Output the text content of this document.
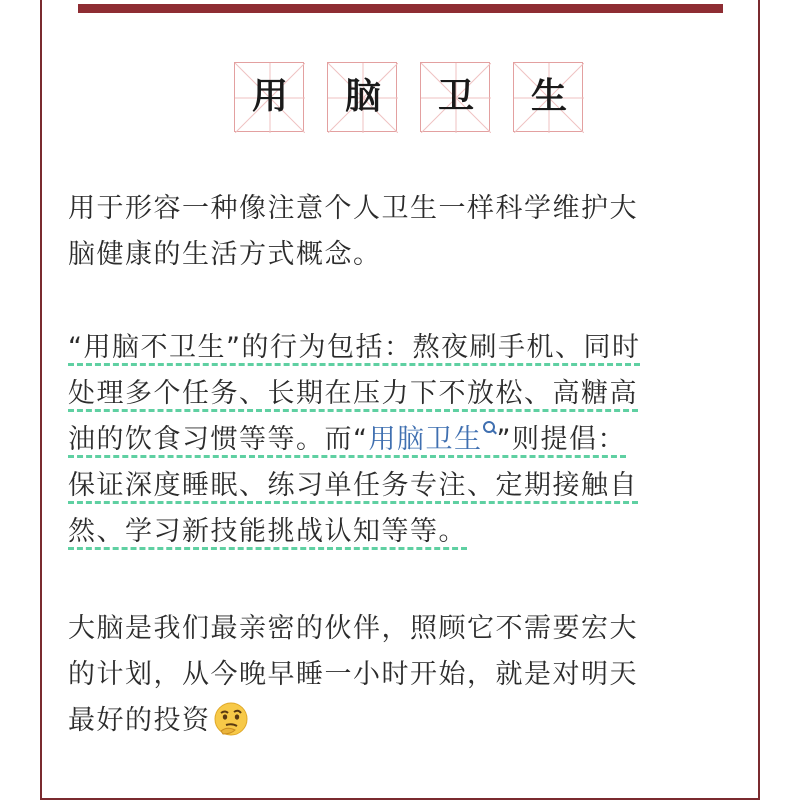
用	脑	卫	生
用于形容一种像注意个人卫生一样科学维护大
脑健康的生活方式概念。
“用脑不卫生”的行为包括：熬夜刷手机、同时
处理多个任务、长期在压力下不放松、高糖高
油的饮食习惯等等。而“用脑卫生 ”则提倡：
保证深度睡眠、练习单任务专注、定期接触自
然、学习新技能挑战认知等等。
大脑是我们最亲密的伙伴，照顾它不需要宏大
的计划，从今晚早睡一小时开始，就是对明天
最好的投资
